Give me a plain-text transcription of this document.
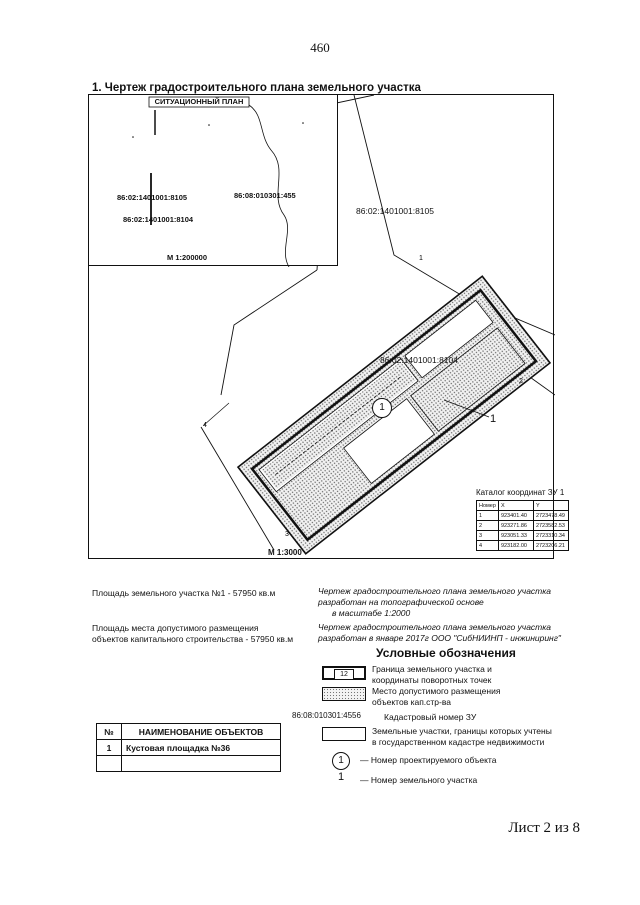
460
1. Чертеж градостроительного плана земельного участка
1
2
3
4
СИТУАЦИОННЫЙ ПЛАН
86:02:1401001:8105	86:08:010301:455
86:02:1401001:8104
М 1:200000
86:02:1401001:8105
86:02:1401001:8104
1
1
М 1:3000
Каталог координат ЗУ 1
Номер	X	Y
1	923401.40	2723478.49
2	923271.86	2723582.53
3	923051.33	2723310.34
4	923182.00	2723206.21
Площадь земельного участка №1 - 57950 кв.м
Площадь места допустимого размещения
объектов капитального строительства - 57950 кв.м
Чертеж градостроительного плана земельного участка
разработан на топографической основе
в масштабе 1:2000
Чертеж градостроительного плана земельного участка
разработан в январе 2017г ООО "СибНИИНП - инжиниринг"
Условные обозначения
12
Граница земельного участка и
координаты поворотных точек
Место допустимого размещения
объектов кап.стр-ва
86:08:010301:4556	Кадастровый номер ЗУ
Земельные участки, границы которых учтены
в государственном кадастре недвижимости
1	— Номер проектируемого объекта
1 — Номер земельного участка
№	НАИМЕНОВАНИЕ ОБЪЕКТОВ
1	Кустовая площадка №36

Лист 2 из 8
